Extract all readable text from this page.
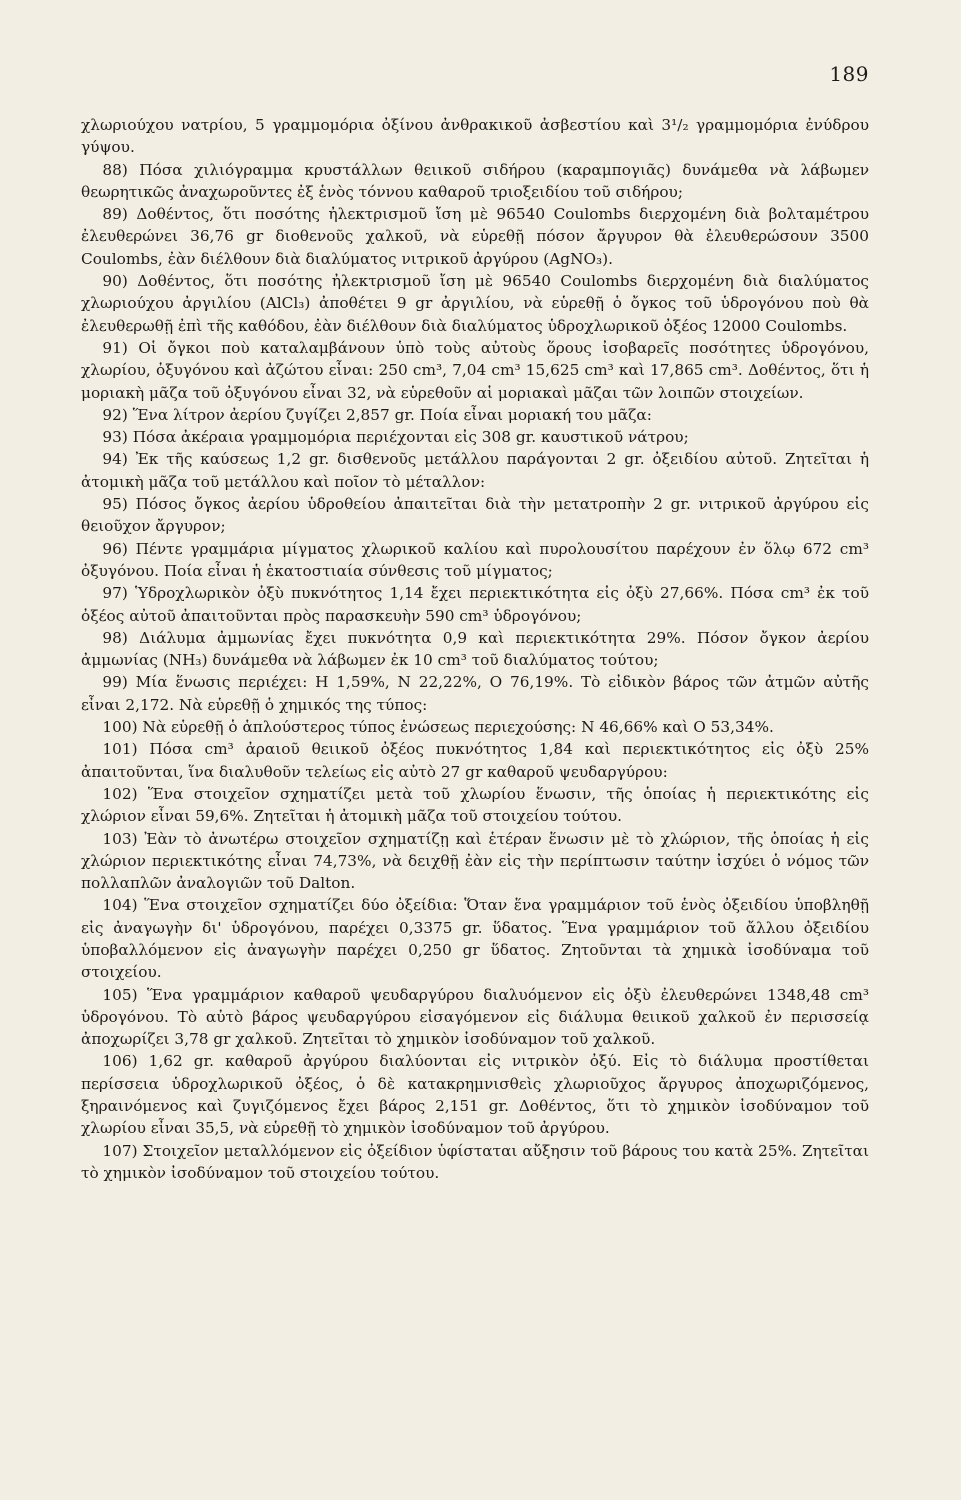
189

χλωριούχου νατρίου, 5 γραμμομόρια ὀξίνου ἀνθρακικοῦ ἀσβεστίου καὶ 3¹/₂ γραμμομόρια ἐνύδρου γύψου.

88) Πόσα χιλιόγραμμα κρυστάλλων θειικοῦ σιδήρου (καραμπογιᾶς) δυνάμεθα νὰ λάβωμεν θεωρητικῶς ἀναχωροῦντες ἐξ ἑνὸς τόννου καθαροῦ τριοξειδίου τοῦ σιδήρου;

89) Δοθέντος, ὅτι ποσότης ἠλεκτρισμοῦ ἴση μὲ 96540 Coulombs διερχομένη διὰ βολταμέτρου ἐλευθερώνει 36,76 gr διοθενοῦς χαλκοῦ, νὰ εὑρεθῇ πόσον ἄργυρον θὰ ἐλευθερώσουν 3500 Coulombs, ἐὰν διέλθουν διὰ διαλύματος νιτρικοῦ ἀργύρου (AgNO₃).

90) Δοθέντος, ὅτι ποσότης ἠλεκτρισμοῦ ἴση μὲ 96540 Coulombs διερχομένη διὰ διαλύματος χλωριούχου ἀργιλίου (AlCl₃) ἀποθέτει 9 gr ἀργιλίου, νὰ εὑρεθῇ ὁ ὄγκος τοῦ ὑδρογόνου ποὺ θὰ ἐλευθερωθῇ ἐπὶ τῆς καθόδου, ἐὰν διέλθουν διὰ διαλύματος ὑδροχλωρικοῦ ὀξέος 12000 Coulombs.

91) Οἱ ὄγκοι ποὺ καταλαμβάνουν ὑπὸ τοὺς αὐτοὺς ὅρους ἰσοβαρεῖς ποσότητες ὑδρογόνου, χλωρίου, ὀξυγόνου καὶ ἀζώτου εἶναι: 250 cm³, 7,04 cm³ 15,625 cm³ καὶ 17,865 cm³. Δοθέντος, ὅτι ἡ μοριακὴ μᾶζα τοῦ ὀξυγόνου εἶναι 32, νὰ εὑρεθοῦν αἱ μοριακαὶ μᾶζαι τῶν λοιπῶν στοιχείων.

92) Ἕνα λίτρον ἀερίου ζυγίζει 2,857 gr. Ποία εἶναι μοριακή του μᾶζα:

93) Πόσα ἀκέραια γραμμομόρια περιέχονται εἰς 308 gr. καυστικοῦ νάτρου;

94) Ἐκ τῆς καύσεως 1,2 gr. δισθενοῦς μετάλλου παράγονται 2 gr. ὀξειδίου αὐτοῦ. Ζητεῖται ἡ ἀτομικὴ μᾶζα τοῦ μετάλλου καὶ ποῖον τὸ μέταλλον:

95) Πόσος ὄγκος ἀερίου ὑδροθείου ἀπαιτεῖται διὰ τὴν μετατροπὴν 2 gr. νιτρικοῦ ἀργύρου εἰς θειοῦχον ἄργυρον;

96) Πέντε γραμμάρια μίγματος χλωρικοῦ καλίου καὶ πυρολουσίτου παρέχουν ἐν ὅλῳ 672 cm³ ὀξυγόνου. Ποία εἶναι ἡ ἑκατοστιαία σύνθεσις τοῦ μίγματος;

97) Ὑδροχλωρικὸν ὀξὺ πυκνότητος 1,14 ἔχει περιεκτικότητα εἰς ὀξὺ 27,66%. Πόσα cm³ ἐκ τοῦ ὀξέος αὐτοῦ ἀπαιτοῦνται πρὸς παρασκευὴν 590 cm³ ὑδρογόνου;

98) Διάλυμα ἀμμωνίας ἔχει πυκνότητα 0,9 καὶ περιεκτικότητα 29%. Πόσον ὄγκον ἀερίου ἀμμωνίας (NH₃) δυνάμεθα νὰ λάβωμεν ἐκ 10 cm³ τοῦ διαλύματος τούτου;

99) Μία ἕνωσις περιέχει: H 1,59%, N 22,22%, O 76,19%. Τὸ εἰδικὸν βάρος τῶν ἀτμῶν αὐτῆς εἶναι 2,172. Νὰ εὑρεθῇ ὁ χημικός της τύπος:

100) Νὰ εὑρεθῇ ὁ ἁπλούστερος τύπος ἑνώσεως περιεχούσης: N 46,66% καὶ O 53,34%.

101) Πόσα cm³ ἀραιοῦ θειικοῦ ὀξέος πυκνότητος 1,84 καὶ περιεκτικότητος εἰς ὀξὺ 25% ἀπαιτοῦνται, ἵνα διαλυθοῦν τελείως εἰς αὐτὸ 27 gr καθαροῦ ψευδαργύρου:

102) Ἕνα στοιχεῖον σχηματίζει μετὰ τοῦ χλωρίου ἕνωσιν, τῆς ὁποίας ἡ περιεκτικότης εἰς χλώριον εἶναι 59,6%. Ζητεῖται ἡ ἀτομικὴ μᾶζα τοῦ στοιχείου τούτου.

103) Ἐὰν τὸ ἀνωτέρω στοιχεῖον σχηματίζῃ καὶ ἑτέραν ἕνωσιν μὲ τὸ χλώριον, τῆς ὁποίας ἡ εἰς χλώριον περιεκτικότης εἶναι 74,73%, νὰ δειχθῇ ἐὰν εἰς τὴν περίπτωσιν ταύτην ἰσχύει ὁ νόμος τῶν πολλαπλῶν ἀναλογιῶν τοῦ Dalton.

104) Ἕνα στοιχεῖον σχηματίζει δύο ὀξείδια: Ὅταν ἕνα γραμμάριον τοῦ ἑνὸς ὀξειδίου ὑποβληθῇ εἰς ἀναγωγὴν δι' ὑδρογόνου, παρέχει 0,3375 gr. ὕδατος. Ἕνα γραμμάριον τοῦ ἄλλου ὀξειδίου ὑποβαλλόμενον εἰς ἀναγωγὴν παρέχει 0,250 gr ὕδατος. Ζητοῦνται τὰ χημικὰ ἰσοδύναμα τοῦ στοιχείου.

105) Ἕνα γραμμάριον καθαροῦ ψευδαργύρου διαλυόμενον εἰς ὀξὺ ἐλευθερώνει 1348,48 cm³ ὑδρογόνου. Τὸ αὐτὸ βάρος ψευδαργύρου εἰσαγόμενον εἰς διάλυμα θειικοῦ χαλκοῦ ἐν περισσείᾳ ἀποχωρίζει 3,78 gr χαλκοῦ. Ζητεῖται τὸ χημικὸν ἰσοδύναμον τοῦ χαλκοῦ.

106) 1,62 gr. καθαροῦ ἀργύρου διαλύονται εἰς νιτρικὸν ὀξύ. Εἰς τὸ διάλυμα προστίθεται περίσσεια ὑδροχλωρικοῦ ὀξέος, ὁ δὲ κατακρημνισθεὶς χλωριοῦχος ἄργυρος ἀποχωριζόμενος, ξηραινόμενος καὶ ζυγιζόμενος ἔχει βάρος 2,151 gr. Δοθέντος, ὅτι τὸ χημικὸν ἰσοδύναμον τοῦ χλωρίου εἶναι 35,5, νὰ εὑρεθῇ τὸ χημικὸν ἰσοδύναμον τοῦ ἀργύρου.

107) Στοιχεῖον μεταλλόμενον εἰς ὀξείδιον ὑφίσταται αὔξησιν τοῦ βάρους του κατὰ 25%. Ζητεῖται τὸ χημικὸν ἰσοδύναμον τοῦ στοιχείου τούτου.
